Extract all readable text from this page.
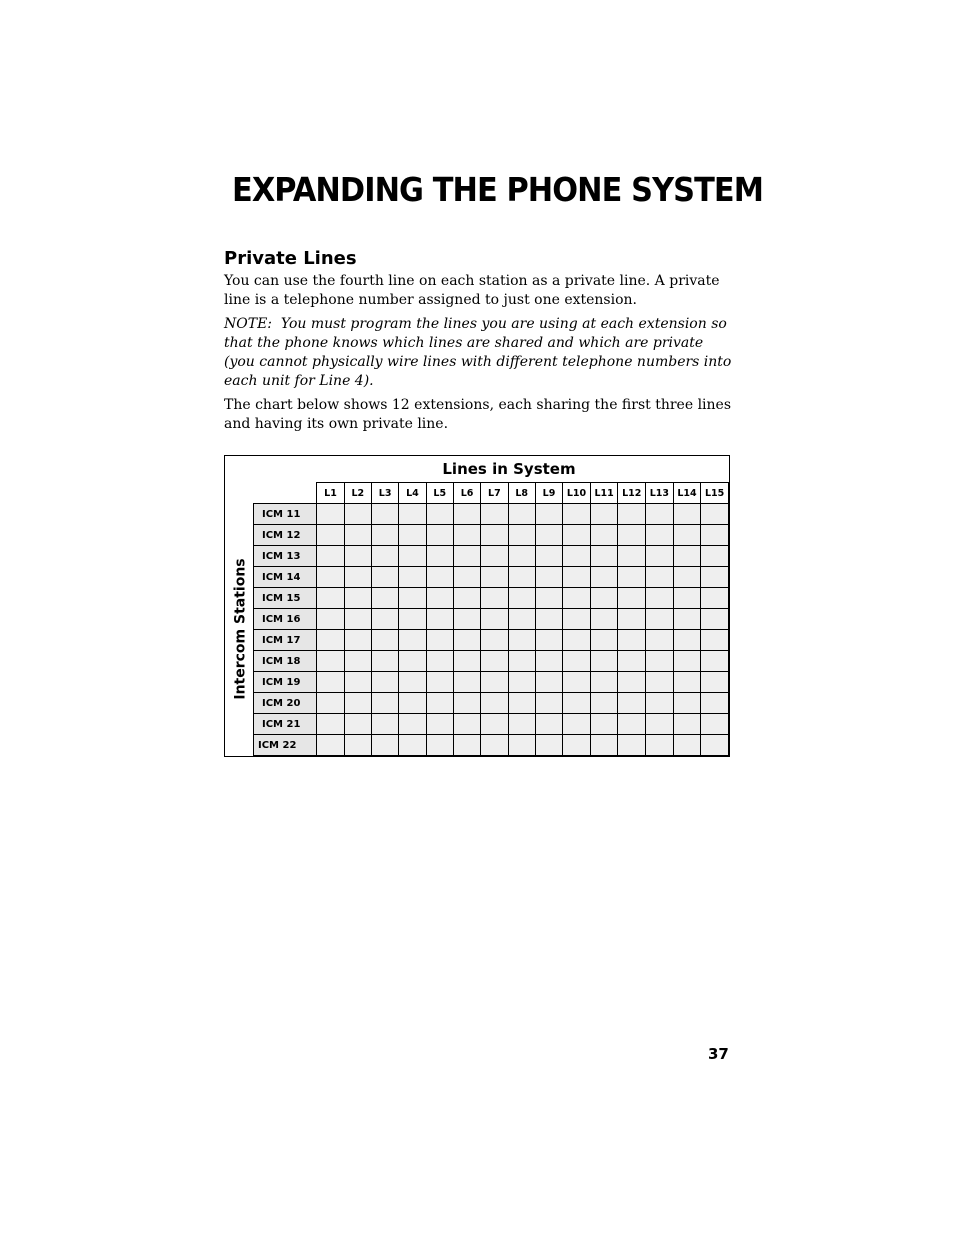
EXPANDING THE PHONE SYSTEM
Private Lines

You can use the fourth line on each station as a private line. A private line is a telephone number assigned to just one extension.

NOTE: You must program the lines you are using at each extension so that the phone knows which lines are shared and which are private (you cannot physically wire lines with different telephone numbers into each unit for Line 4).

The chart below shows 12 extensions, each sharing the first three lines and having its own private line.

Lines in System
Intercom Stations
	L1	L2	L3	L4	L5	L6	L7	L8	L9	L10	L11	L12	L13	L14	L15
ICM 11															
ICM 12															
ICM 13															
ICM 14															
ICM 15															
ICM 16															
ICM 17															
ICM 18															
ICM 19															
ICM 20															
ICM 21															
ICM 22															
37
